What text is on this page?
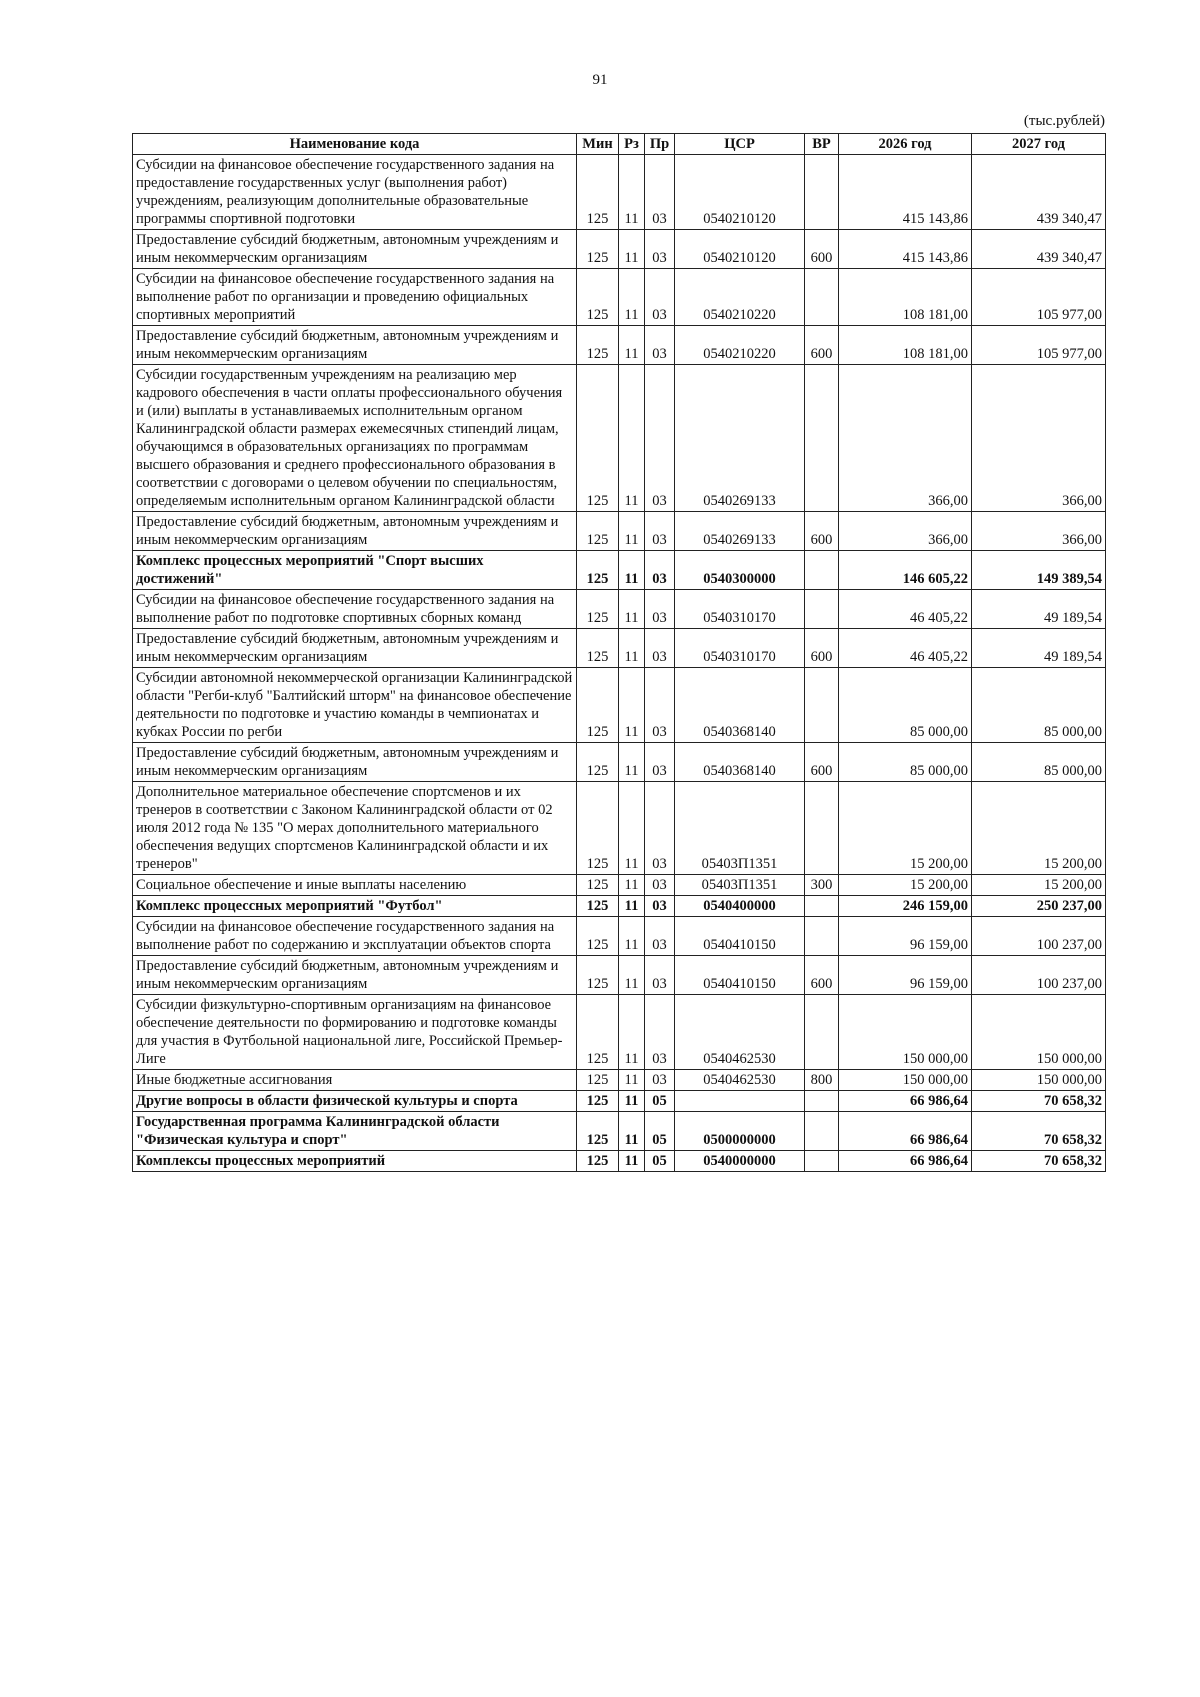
91
(тыс.рублей)
Наименование кода	Мин	Рз	Пр	ЦСР	ВР	2026 год	2027 год
Субсидии на финансовое обеспечение государственного задания на предоставление государственных услуг (выполнения работ) учреждениям, реализующим дополнительные образовательные программы спортивной подготовки	125	11	03	0540210120		415 143,86	439 340,47
Предоставление субсидий бюджетным, автономным учреждениям и иным некоммерческим организациям	125	11	03	0540210120	600	415 143,86	439 340,47
Субсидии на финансовое обеспечение государственного задания на выполнение работ по организации и проведению официальных спортивных мероприятий	125	11	03	0540210220		108 181,00	105 977,00
Предоставление субсидий бюджетным, автономным учреждениям и иным некоммерческим организациям	125	11	03	0540210220	600	108 181,00	105 977,00
Субсидии государственным учреждениям на реализацию мер кадрового обеспечения в части оплаты профессионального обучения и (или) выплаты в устанавливаемых исполнительным органом Калининградской области размерах ежемесячных стипендий лицам, обучающимся в образовательных организациях по программам высшего образования и среднего профессионального образования в соответствии с договорами о целевом обучении по специальностям, определяемым исполнительным органом Калининградской области	125	11	03	0540269133		366,00	366,00
Предоставление субсидий бюджетным, автономным учреждениям и иным некоммерческим организациям	125	11	03	0540269133	600	366,00	366,00
Комплекс процессных мероприятий "Спорт высших достижений"	125	11	03	0540300000		146 605,22	149 389,54
Субсидии на финансовое обеспечение государственного задания на выполнение работ по подготовке спортивных сборных команд	125	11	03	0540310170		46 405,22	49 189,54
Предоставление субсидий бюджетным, автономным учреждениям и иным некоммерческим организациям	125	11	03	0540310170	600	46 405,22	49 189,54
Субсидии автономной некоммерческой организации Калининградской области "Регби-клуб "Балтийский шторм" на финансовое обеспечение деятельности по подготовке и участию команды в чемпионатах и кубках России по регби	125	11	03	0540368140		85 000,00	85 000,00
Предоставление субсидий бюджетным, автономным учреждениям и иным некоммерческим организациям	125	11	03	0540368140	600	85 000,00	85 000,00
Дополнительное материальное обеспечение спортсменов и их тренеров в соответствии с Законом Калининградской области от 02 июля 2012 года № 135 "О мерах дополнительного материального обеспечения ведущих спортсменов Калининградской области и их тренеров"	125	11	03	05403П1351		15 200,00	15 200,00
Социальное обеспечение и иные выплаты населению	125	11	03	05403П1351	300	15 200,00	15 200,00
Комплекс процессных мероприятий "Футбол"	125	11	03	0540400000		246 159,00	250 237,00
Субсидии на финансовое обеспечение государственного задания на выполнение работ по содержанию и эксплуатации объектов спорта	125	11	03	0540410150		96 159,00	100 237,00
Предоставление субсидий бюджетным, автономным учреждениям и иным некоммерческим организациям	125	11	03	0540410150	600	96 159,00	100 237,00
Субсидии физкультурно-спортивным организациям на финансовое обеспечение деятельности по формированию и подготовке команды для участия в Футбольной национальной лиге, Российской Премьер-Лиге	125	11	03	0540462530		150 000,00	150 000,00
Иные бюджетные ассигнования	125	11	03	0540462530	800	150 000,00	150 000,00
Другие вопросы в области физической культуры и спорта	125	11	05			66 986,64	70 658,32
Государственная программа Калининградской области "Физическая культура и спорт"	125	11	05	0500000000		66 986,64	70 658,32
Комплексы процессных мероприятий	125	11	05	0540000000		66 986,64	70 658,32
